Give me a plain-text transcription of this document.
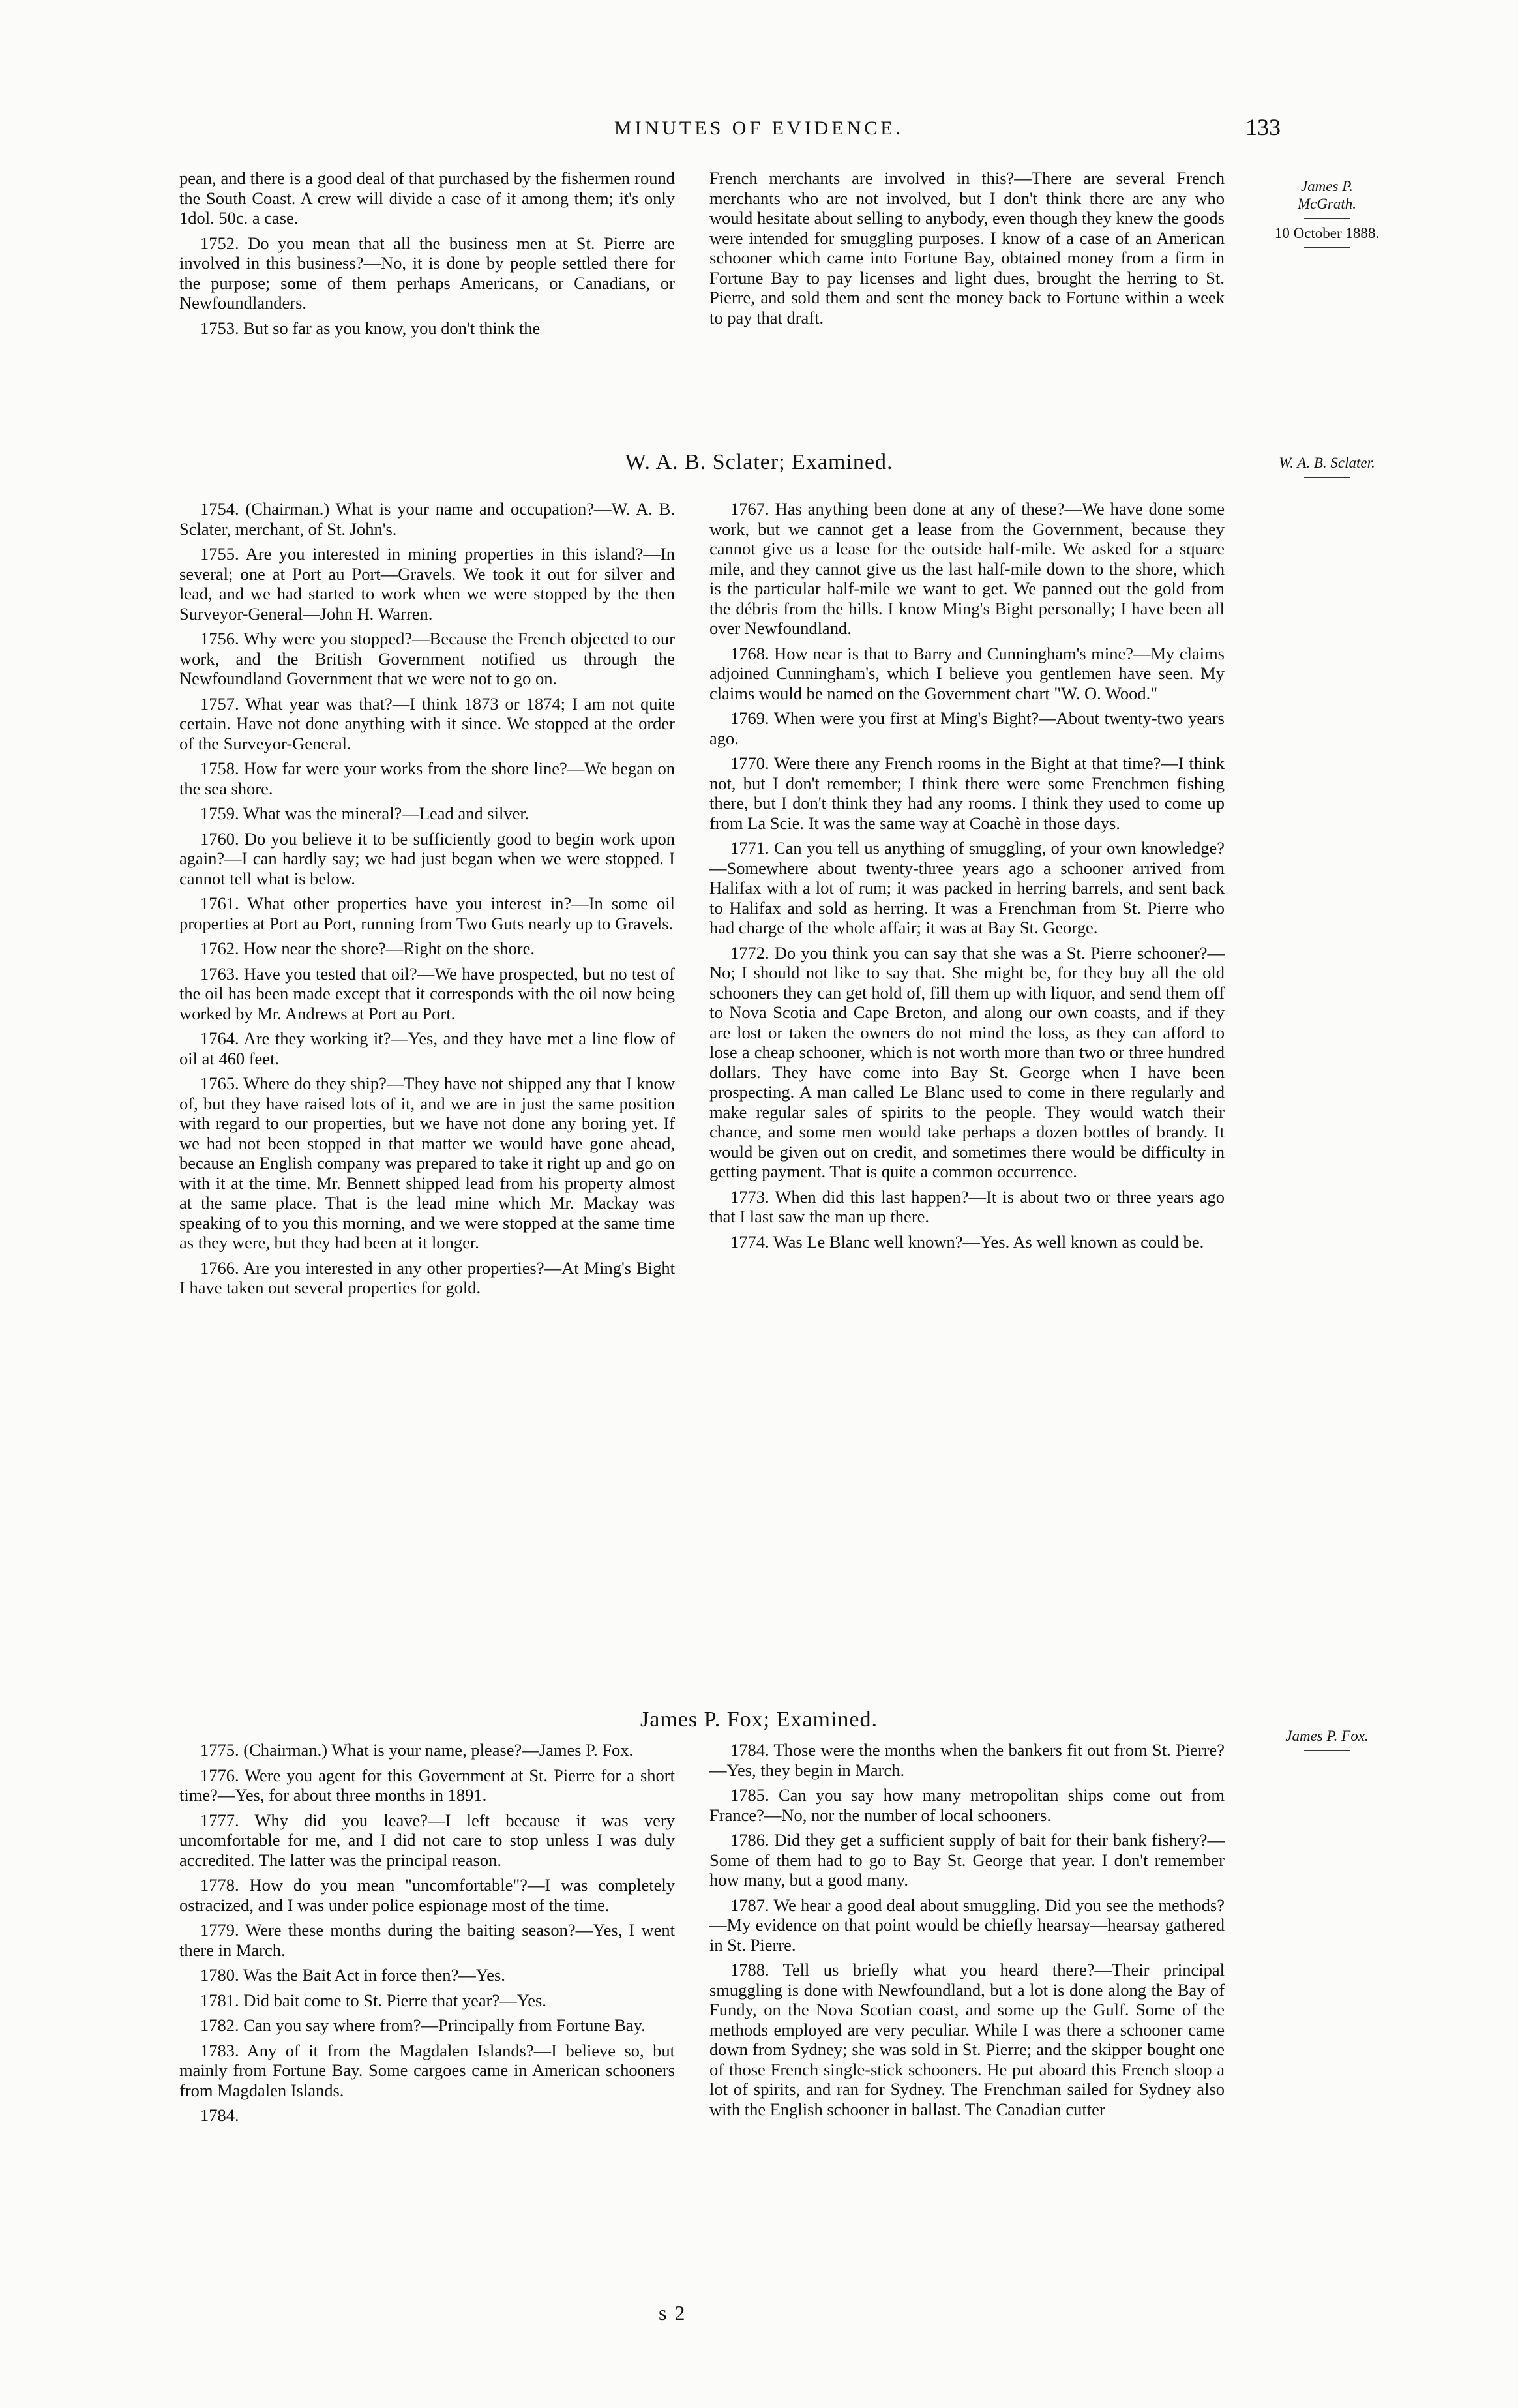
MINUTES OF EVIDENCE.	133

pean, and there is a good deal of that purchased by the fishermen round the South Coast. A crew will divide a case of it among them; it's only 1dol. 50c. a case.

1752. Do you mean that all the business men at St. Pierre are involved in this business?—No, it is done by people settled there for the purpose; some of them perhaps Americans, or Canadians, or Newfoundlanders.

1753. But so far as you know, you don't think the

French merchants are involved in this?—There are several French merchants who are not involved, but I don't think there are any who would hesitate about selling to anybody, even though they knew the goods were intended for smuggling purposes. I know of a case of an American schooner which came into Fortune Bay, obtained money from a firm in Fortune Bay to pay licenses and light dues, brought the herring to St. Pierre, and sold them and sent the money back to Fortune within a week to pay that draft.

James P. McGrath.
10 October 1888.
W. A. B. Sclater; Examined.	W. A. B. Sclater.

1754. (Chairman.) What is your name and occupation?—W. A. B. Sclater, merchant, of St. John's.

1755. Are you interested in mining properties in this island?—In several; one at Port au Port—Gravels. We took it out for silver and lead, and we had started to work when we were stopped by the then Surveyor-General—John H. Warren.

1756. Why were you stopped?—Because the French objected to our work, and the British Government notified us through the Newfoundland Government that we were not to go on.

1757. What year was that?—I think 1873 or 1874; I am not quite certain. Have not done anything with it since. We stopped at the order of the Surveyor-General.

1758. How far were your works from the shore line?—We began on the sea shore.

1759. What was the mineral?—Lead and silver.

1760. Do you believe it to be sufficiently good to begin work upon again?—I can hardly say; we had just began when we were stopped. I cannot tell what is below.

1761. What other properties have you interest in?—In some oil properties at Port au Port, running from Two Guts nearly up to Gravels.

1762. How near the shore?—Right on the shore.

1763. Have you tested that oil?—We have prospected, but no test of the oil has been made except that it corresponds with the oil now being worked by Mr. Andrews at Port au Port.

1764. Are they working it?—Yes, and they have met a line flow of oil at 460 feet.

1765. Where do they ship?—They have not shipped any that I know of, but they have raised lots of it, and we are in just the same position with regard to our properties, but we have not done any boring yet. If we had not been stopped in that matter we would have gone ahead, because an English company was prepared to take it right up and go on with it at the time. Mr. Bennett shipped lead from his property almost at the same place. That is the lead mine which Mr. Mackay was speaking of to you this morning, and we were stopped at the same time as they were, but they had been at it longer.

1766. Are you interested in any other properties?—At Ming's Bight I have taken out several properties for gold.

1767. Has anything been done at any of these?—We have done some work, but we cannot get a lease from the Government, because they cannot give us a lease for the outside half-mile. We asked for a square mile, and they cannot give us the last half-mile down to the shore, which is the particular half-mile we want to get. We panned out the gold from the débris from the hills. I know Ming's Bight personally; I have been all over Newfoundland.

1768. How near is that to Barry and Cunningham's mine?—My claims adjoined Cunningham's, which I believe you gentlemen have seen. My claims would be named on the Government chart "W. O. Wood."

1769. When were you first at Ming's Bight?—About twenty-two years ago.

1770. Were there any French rooms in the Bight at that time?—I think not, but I don't remember; I think there were some Frenchmen fishing there, but I don't think they had any rooms. I think they used to come up from La Scie. It was the same way at Coachè in those days.

1771. Can you tell us anything of smuggling, of your own knowledge?—Somewhere about twenty-three years ago a schooner arrived from Halifax with a lot of rum; it was packed in herring barrels, and sent back to Halifax and sold as herring. It was a Frenchman from St. Pierre who had charge of the whole affair; it was at Bay St. George.

1772. Do you think you can say that she was a St. Pierre schooner?—No; I should not like to say that. She might be, for they buy all the old schooners they can get hold of, fill them up with liquor, and send them off to Nova Scotia and Cape Breton, and along our own coasts, and if they are lost or taken the owners do not mind the loss, as they can afford to lose a cheap schooner, which is not worth more than two or three hundred dollars. They have come into Bay St. George when I have been prospecting. A man called Le Blanc used to come in there regularly and make regular sales of spirits to the people. They would watch their chance, and some men would take perhaps a dozen bottles of brandy. It would be given out on credit, and sometimes there would be difficulty in getting payment. That is quite a common occurrence.

1773. When did this last happen?—It is about two or three years ago that I last saw the man up there.

1774. Was Le Blanc well known?—Yes. As well known as could be.

James P. Fox; Examined.
James P. Fox.

1775. (Chairman.) What is your name, please?—James P. Fox.

1776. Were you agent for this Government at St. Pierre for a short time?—Yes, for about three months in 1891.

1777. Why did you leave?—I left because it was very uncomfortable for me, and I did not care to stop unless I was duly accredited. The latter was the principal reason.

1778. How do you mean "uncomfortable"?—I was completely ostracized, and I was under police espionage most of the time.

1779. Were these months during the baiting season?—Yes, I went there in March.

1780. Was the Bait Act in force then?—Yes.

1781. Did bait come to St. Pierre that year?—Yes.

1782. Can you say where from?—Principally from Fortune Bay.

1783. Any of it from the Magdalen Islands?—I believe so, but mainly from Fortune Bay. Some cargoes came in American schooners from Magdalen Islands.

1784.

1784. Those were the months when the bankers fit out from St. Pierre?—Yes, they begin in March.

1785. Can you say how many metropolitan ships come out from France?—No, nor the number of local schooners.

1786. Did they get a sufficient supply of bait for their bank fishery?—Some of them had to go to Bay St. George that year. I don't remember how many, but a good many.

1787. We hear a good deal about smuggling. Did you see the methods?—My evidence on that point would be chiefly hearsay—hearsay gathered in St. Pierre.

1788. Tell us briefly what you heard there?—Their principal smuggling is done with Newfoundland, but a lot is done along the Bay of Fundy, on the Nova Scotian coast, and some up the Gulf. Some of the methods employed are very peculiar. While I was there a schooner came down from Sydney; she was sold in St. Pierre; and the skipper bought one of those French single-stick schooners. He put aboard this French sloop a lot of spirits, and ran for Sydney. The Frenchman sailed for Sydney also with the English schooner in ballast. The Canadian cutter

s 2
